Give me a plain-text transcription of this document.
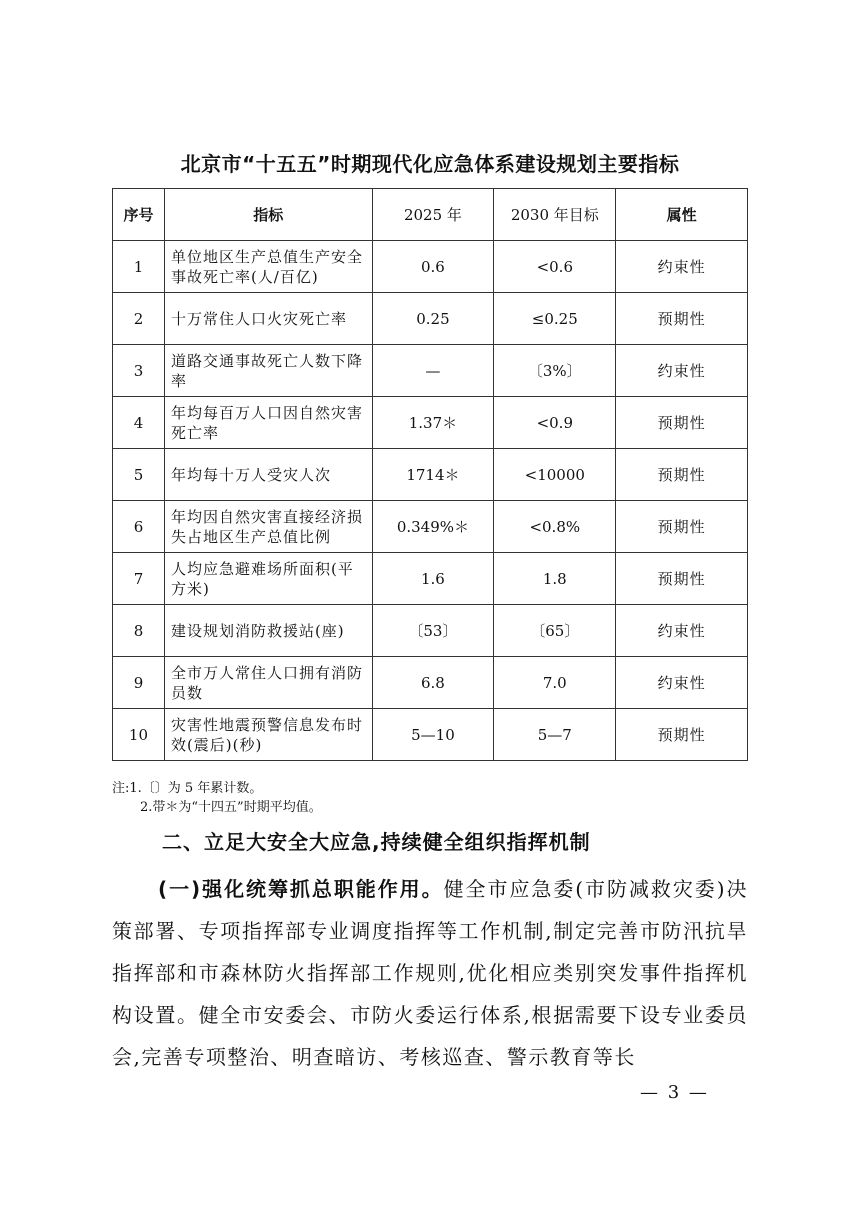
北京市“十五五”时期现代化应急体系建设规划主要指标
序号	指标	2025 年	2030 年目标	属性
1	单位地区生产总值生产安全事故死亡率(人/百亿)	0.6	<0.6	约束性
2	十万常住人口火灾死亡率	0.25	≤0.25	预期性
3	道路交通事故死亡人数下降率	—	〔3%〕	约束性
4	年均每百万人口因自然灾害死亡率	1.37＊	<0.9	预期性
5	年均每十万人受灾人次	1714＊	<10000	预期性
6	年均因自然灾害直接经济损失占地区生产总值比例	0.349%＊	<0.8%	预期性
7	人均应急避难场所面积(平方米)	1.6	1.8	预期性
8	建设规划消防救援站(座)	〔53〕	〔65〕	约束性
9	全市万人常住人口拥有消防员数	6.8	7.0	约束性
10	灾害性地震预警信息发布时效(震后)(秒)	5—10	5—7	预期性
注:1.〔〕为 5 年累计数。
2.带＊为“十四五”时期平均值。
二、立足大安全大应急,持续健全组织指挥机制
(一)强化统筹抓总职能作用。健全市应急委(市防减救灾委)决策部署、专项指挥部专业调度指挥等工作机制,制定完善市防汛抗旱指挥部和市森林防火指挥部工作规则,优化相应类别突发事件指挥机构设置。健全市安委会、市防火委运行体系,根据需要下设专业委员会,完善专项整治、明查暗访、考核巡查、警示教育等长
— 3 —
